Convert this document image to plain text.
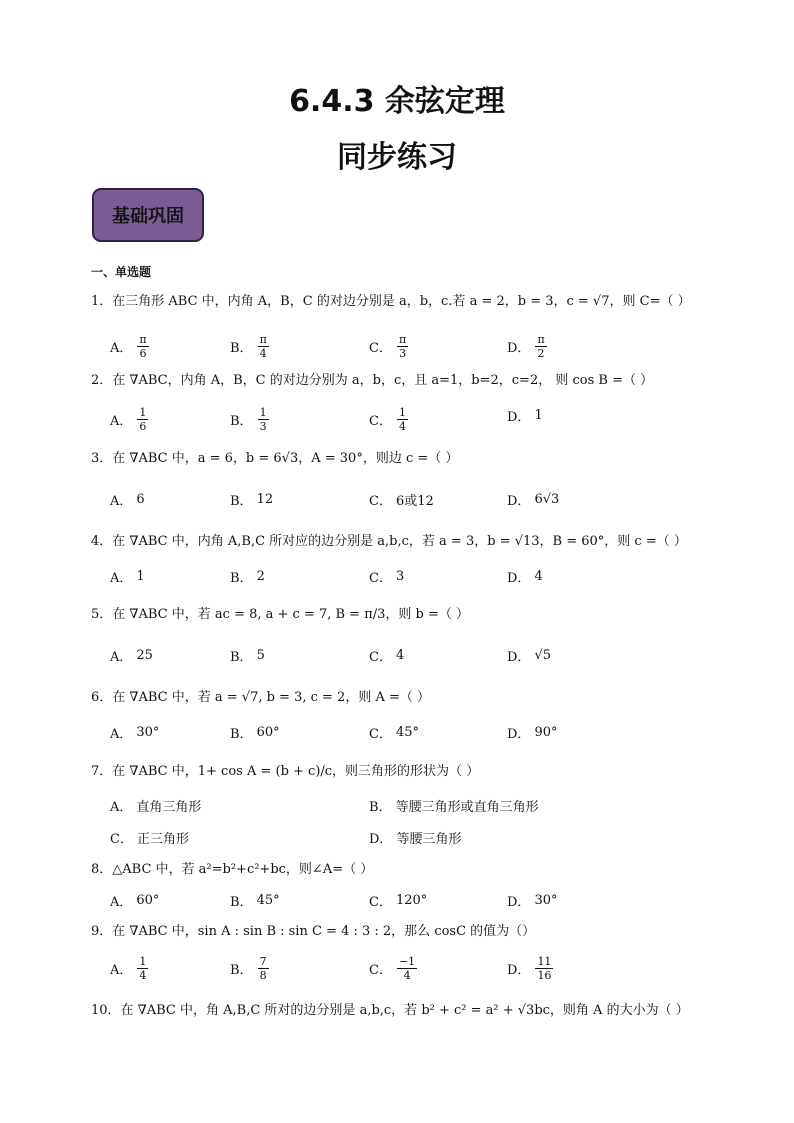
6.4.3 余弦定理
同步练习
基础巩固
一、单选题
1．在三角形 ABC 中，内角 A，B，C 的对边分别是 a，b，c.若 a = 2，b = 3，c = √7，则 C=（ ）
A． $\frac{\pi}{6}$	B． $\frac{\pi}{4}$	C． $\frac{\pi}{3}$	D． $\frac{\pi}{2}$
2．在 ∇ABC，内角 A，B，C 的对边分别为 a，b，c，且 a=1，b=2，c=2， 则 cos B =（ ）
A． $\frac{1}{6}$	B． $\frac{1}{3}$	C． $\frac{1}{4}$	D． 1
3．在 ∇ABC 中，a = 6，b = 6√3，A = 30°，则边 c =（ ）
A． 6	B． 12	C． 6或12	D． 6√3
4．在 ∇ABC 中，内角 A,B,C 所对应的边分别是 a,b,c，若 a = 3，b = √13，B = 60°，则 c =（ ）
A． 1	B． 2	C． 3	D． 4
5．在 ∇ABC 中，若 ac = 8, a + c = 7, B = π/3，则 b =（ ）
A． 25	B． 5	C． 4	D． √5
6．在 ∇ABC 中，若 a = √7, b = 3, c = 2，则 A =（ ）
A． 30°	B． 60°	C． 45°	D． 90°
7．在 ∇ABC 中，1+ cos A = (b + c)/c，则三角形的形状为（ ）
A． 直角三角形	B． 等腰三角形或直角三角形
C． 正三角形	D． 等腰三角形
8．△ABC 中，若 a²=b²+c²+bc，则∠A=（ ）
A． 60°	B． 45°	C． 120°	D． 30°
9．在 ∇ABC 中，sin A : sin B : sin C = 4 : 3 : 2，那么 cosC 的值为（）
A． $\frac{1}{4}$	B． $\frac{7}{8}$	C． $\frac{-1}{4}$	D． $\frac{11}{16}$
10．在 ∇ABC 中，角 A,B,C 所对的边分别是 a,b,c，若 b² + c² = a² + √3bc，则角 A 的大小为（ ）
